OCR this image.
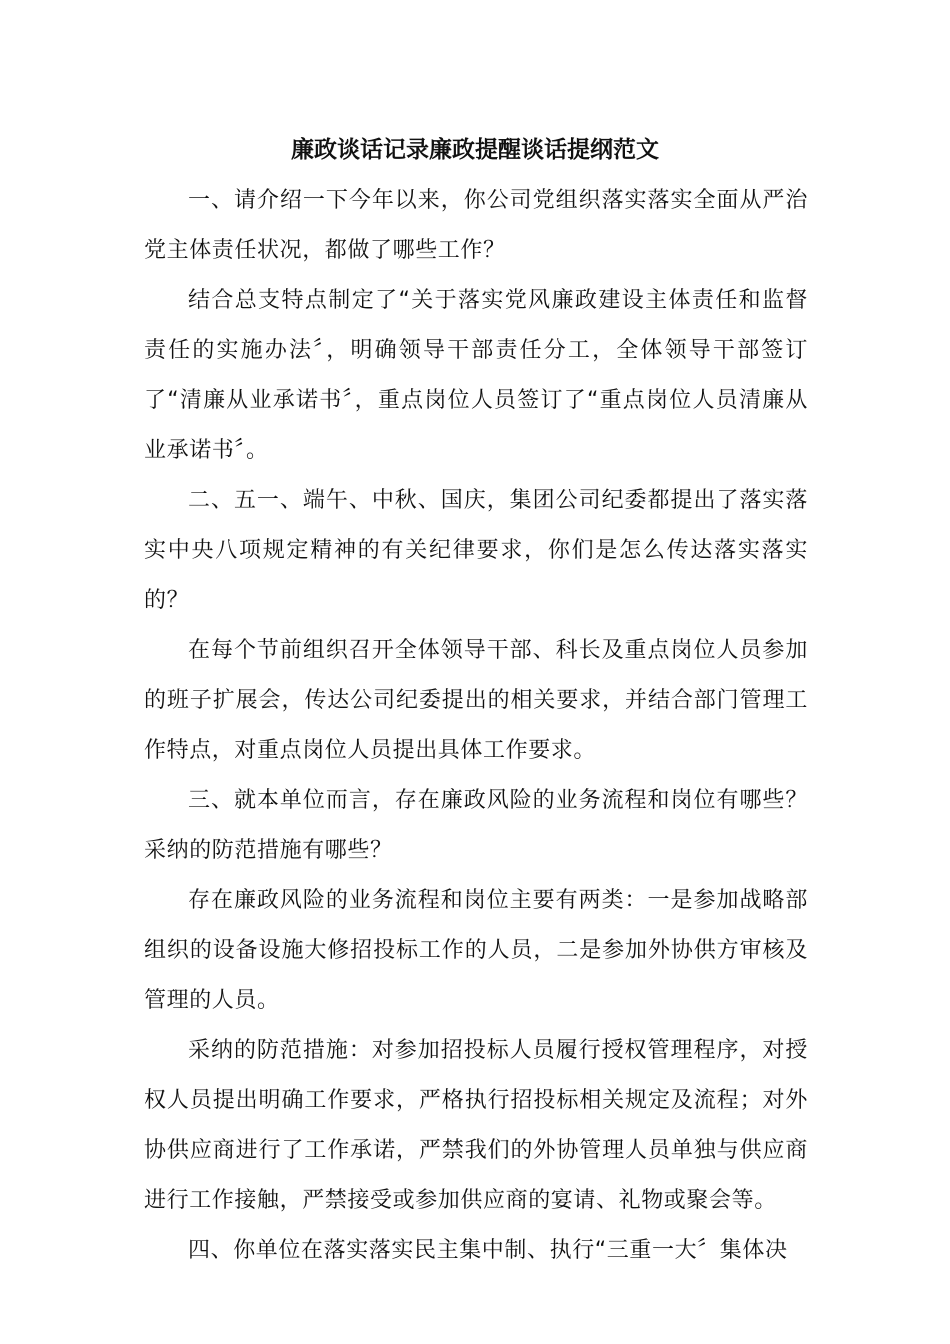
廉政谈话记录廉政提醒谈话提纲范文

一、请介绍一下今年以来，你公司党组织落实落实全面从严治党主体责任状况，都做了哪些工作？

结合总支特点制定了“关于落实党风廉政建设主体责任和监督责任的实施办法〞，明确领导干部责任分工，全体领导干部签订了“清廉从业承诺书〞，重点岗位人员签订了“重点岗位人员清廉从业承诺书〞。

二、五一、端午、中秋、国庆，集团公司纪委都提出了落实落实中央八项规定精神的有关纪律要求，你们是怎么传达落实落实的？

在每个节前组织召开全体领导干部、科长及重点岗位人员参加的班子扩展会，传达公司纪委提出的相关要求，并结合部门管理工作特点，对重点岗位人员提出具体工作要求。

三、就本单位而言，存在廉政风险的业务流程和岗位有哪些？采纳的防范措施有哪些？

存在廉政风险的业务流程和岗位主要有两类：一是参加战略部组织的设备设施大修招投标工作的人员，二是参加外协供方审核及管理的人员。

采纳的防范措施：对参加招投标人员履行授权管理程序，对授权人员提出明确工作要求，严格执行招投标相关规定及流程；对外协供应商进行了工作承诺，严禁我们的外协管理人员单独与供应商进行工作接触，严禁接受或参加供应商的宴请、礼物或聚会等。

四、你单位在落实落实民主集中制、执行“三重一大〞集体决
